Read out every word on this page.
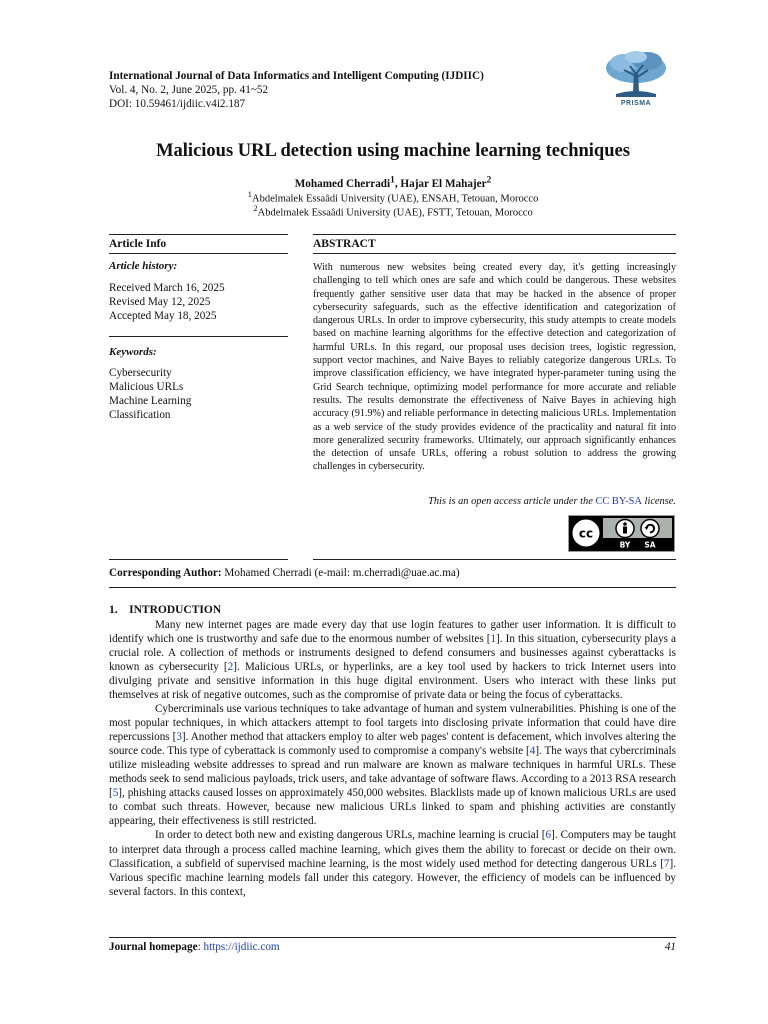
International Journal of Data Informatics and Intelligent Computing (IJDIIC)
Vol. 4, No. 2, June 2025, pp. 41~52
DOI: 10.59461/ijdiic.v4i2.187	PRISMA
Malicious URL detection using machine learning techniques
Mohamed Cherradi$^1$, Hajar El Mahajer$^2$
$^1$Abdelmalek Essaâdi University (UAE), ENSAH, Tetouan, Morocco
$^2$Abdelmalek Essaâdi University (UAE), FSTT, Tetouan, Morocco
Article Info	ABSTRACT
Article history:
Received March 16, 2025
Revised May 12, 2025
Accepted May 18, 2025
Keywords:
Cybersecurity
Malicious URLs
Machine Learning
Classification
With numerous new websites being created every day, it's getting increasingly challenging to tell which ones are safe and which could be dangerous. These websites frequently gather sensitive user data that may be hacked in the absence of proper cybersecurity safeguards, such as the effective identification and categorization of dangerous URLs. In order to improve cybersecurity, this study attempts to create models based on machine learning algorithms for the effective detection and categorization of harmful URLs. In this regard, our proposal uses decision trees, logistic regression, support vector machines, and Naive Bayes to reliably categorize dangerous URLs. To improve classification efficiency, we have integrated hyper-parameter tuning using the Grid Search technique, optimizing model performance for more accurate and reliable results. The results demonstrate the effectiveness of Naive Bayes in achieving high accuracy (91.9%) and reliable performance in detecting malicious URLs. Implementation as a web service of the study provides evidence of the practicality and natural fit into more generalized security frameworks. Ultimately, our approach significantly enhances the detection of unsafe URLs, offering a robust solution to address the growing challenges in cybersecurity.
This is an open access article under the CC BY-SA license.
cc
BY SA
Corresponding Author: Mohamed Cherradi (e-mail: m.cherradi@uae.ac.ma)
1.    INTRODUCTION

Many new internet pages are made every day that use login features to gather user information. It is difficult to identify which one is trustworthy and safe due to the enormous number of websites [1]. In this situation, cybersecurity plays a crucial role. A collection of methods or instruments designed to defend consumers and businesses against cyberattacks is known as cybersecurity [2]. Malicious URLs, or hyperlinks, are a key tool used by hackers to trick Internet users into divulging private and sensitive information in this huge digital environment. Users who interact with these links put themselves at risk of negative outcomes, such as the compromise of private data or being the focus of cyberattacks.

Cybercriminals use various techniques to take advantage of human and system vulnerabilities. Phishing is one of the most popular techniques, in which attackers attempt to fool targets into disclosing private information that could have dire repercussions [3]. Another method that attackers employ to alter web pages' content is defacement, which involves altering the source code. This type of cyberattack is commonly used to compromise a company's website [4]. The ways that cybercriminals utilize misleading website addresses to spread and run malware are known as malware techniques in harmful URLs. These methods seek to send malicious payloads, trick users, and take advantage of software flaws. According to a 2013 RSA research [5], phishing attacks caused losses on approximately 450,000 websites. Blacklists made up of known malicious URLs are used to combat such threats. However, because new malicious URLs linked to spam and phishing activities are constantly appearing, their effectiveness is still restricted.

In order to detect both new and existing dangerous URLs, machine learning is crucial [6]. Computers may be taught to interpret data through a process called machine learning, which gives them the ability to forecast or decide on their own. Classification, a subfield of supervised machine learning, is the most widely used method for detecting dangerous URLs [7]. Various specific machine learning models fall under this category. However, the efficiency of models can be influenced by several factors. In this context,

Journal homepage: https://ijdiic.com	41
